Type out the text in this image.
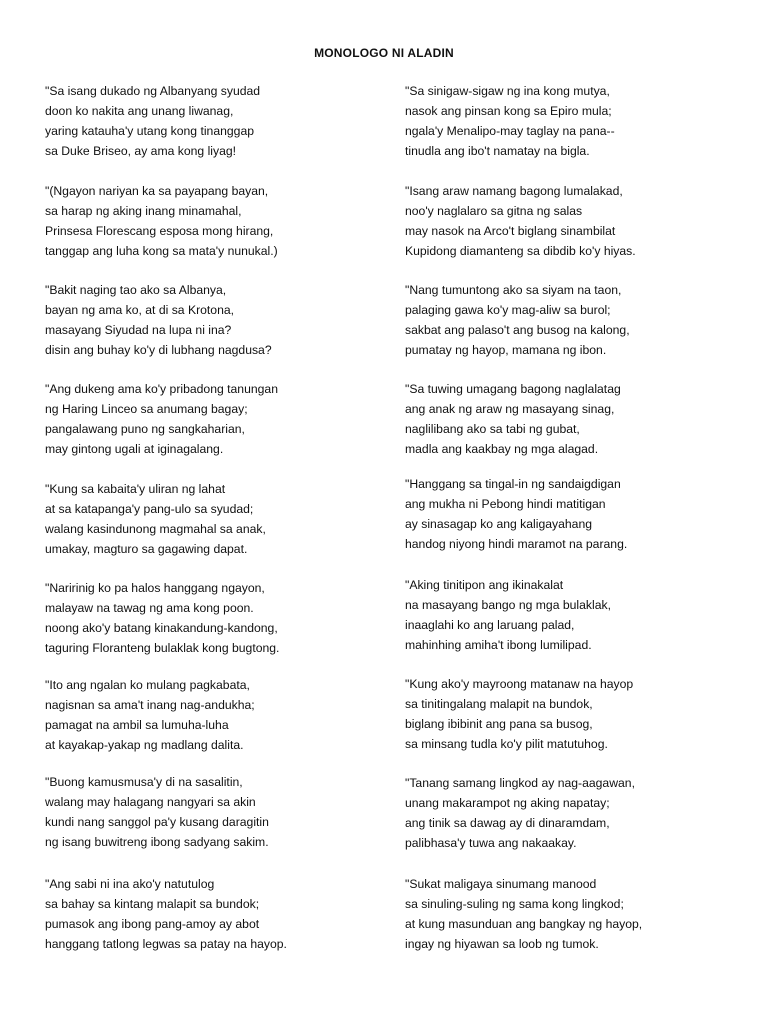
MONOLOGO NI ALADIN
"Sa isang dukado ng Albanyang syudad
doon ko nakita ang unang liwanag,
yaring katauha'y utang kong tinanggap
sa Duke Briseo, ay ama kong liyag!
"(Ngayon nariyan ka sa payapang bayan,
sa harap ng aking inang minamahal,
Prinsesa Florescang esposa mong hirang,
tanggap ang luha kong sa mata'y nunukal.)
"Bakit naging tao ako sa Albanya,
bayan ng ama ko, at di sa Krotona,
masayang Siyudad na lupa ni ina?
disin ang buhay ko'y di lubhang nagdusa?
"Ang dukeng ama ko'y pribadong tanungan
ng Haring Linceo sa anumang bagay;
pangalawang puno ng sangkaharian,
may gintong ugali at iginagalang.
"Kung sa kabaita'y uliran ng lahat
at sa katapanga'y pang-ulo sa syudad;
walang kasindunong magmahal sa anak,
umakay, magturo sa gagawing dapat.
"Naririnig ko pa halos hanggang ngayon,
malayaw na tawag ng ama kong poon.
noong ako'y batang kinakandung-kandong,
taguring Floranteng bulaklak kong bugtong.
"Ito ang ngalan ko mulang pagkabata,
nagisnan sa ama't inang nag-andukha;
pamagat na ambil sa lumuha-luha
at kayakap-yakap ng madlang dalita.
"Buong kamusmusa'y di na sasalitin,
walang may halagang nangyari sa akin
kundi nang sanggol pa'y kusang daragitin
ng isang buwitreng ibong sadyang sakim.
"Ang sabi ni ina ako'y natutulog
sa bahay sa kintang malapit sa bundok;
pumasok ang ibong pang-amoy ay abot
hanggang tatlong legwas sa patay na hayop.
"Sa sinigaw-sigaw ng ina kong mutya,
nasok ang pinsan kong sa Epiro mula;
ngala'y Menalipo-may taglay na pana--
tinudla ang ibo't namatay na bigla.
"Isang araw namang bagong lumalakad,
noo'y naglalaro sa gitna ng salas
may nasok na Arco't biglang sinambilat
Kupidong diamanteng sa dibdib ko'y hiyas.
"Nang tumuntong ako sa siyam na taon,
palaging gawa ko'y mag-aliw sa burol;
sakbat ang palaso't ang busog na kalong,
pumatay ng hayop, mamana ng ibon.
"Sa tuwing umagang bagong naglalatag
ang anak ng araw ng masayang sinag,
naglilibang ako sa tabi ng gubat,
madla ang kaakbay ng mga alagad.
"Hanggang sa tingal-in ng sandaigdigan
ang mukha ni Pebong hindi matitigan
ay sinasagap ko ang kaligayahang
handog niyong hindi maramot na parang.
"Aking tinitipon ang ikinakalat
na masayang bango ng mga bulaklak,
inaaglahi ko ang laruang palad,
mahinhing amiha't ibong lumilipad.
"Kung ako'y mayroong matanaw na hayop
sa tinitingalang malapit na bundok,
biglang ibibinit ang pana sa busog,
sa minsang tudla ko'y pilit matutuhog.
"Tanang samang lingkod ay nag-aagawan,
unang makarampot ng aking napatay;
ang tinik sa dawag ay di dinaramdam,
palibhasa'y tuwa ang nakaakay.
"Sukat maligaya sinumang manood
sa sinuling-suling ng sama kong lingkod;
at kung masunduan ang bangkay ng hayop,
ingay ng hiyawan sa loob ng tumok.
